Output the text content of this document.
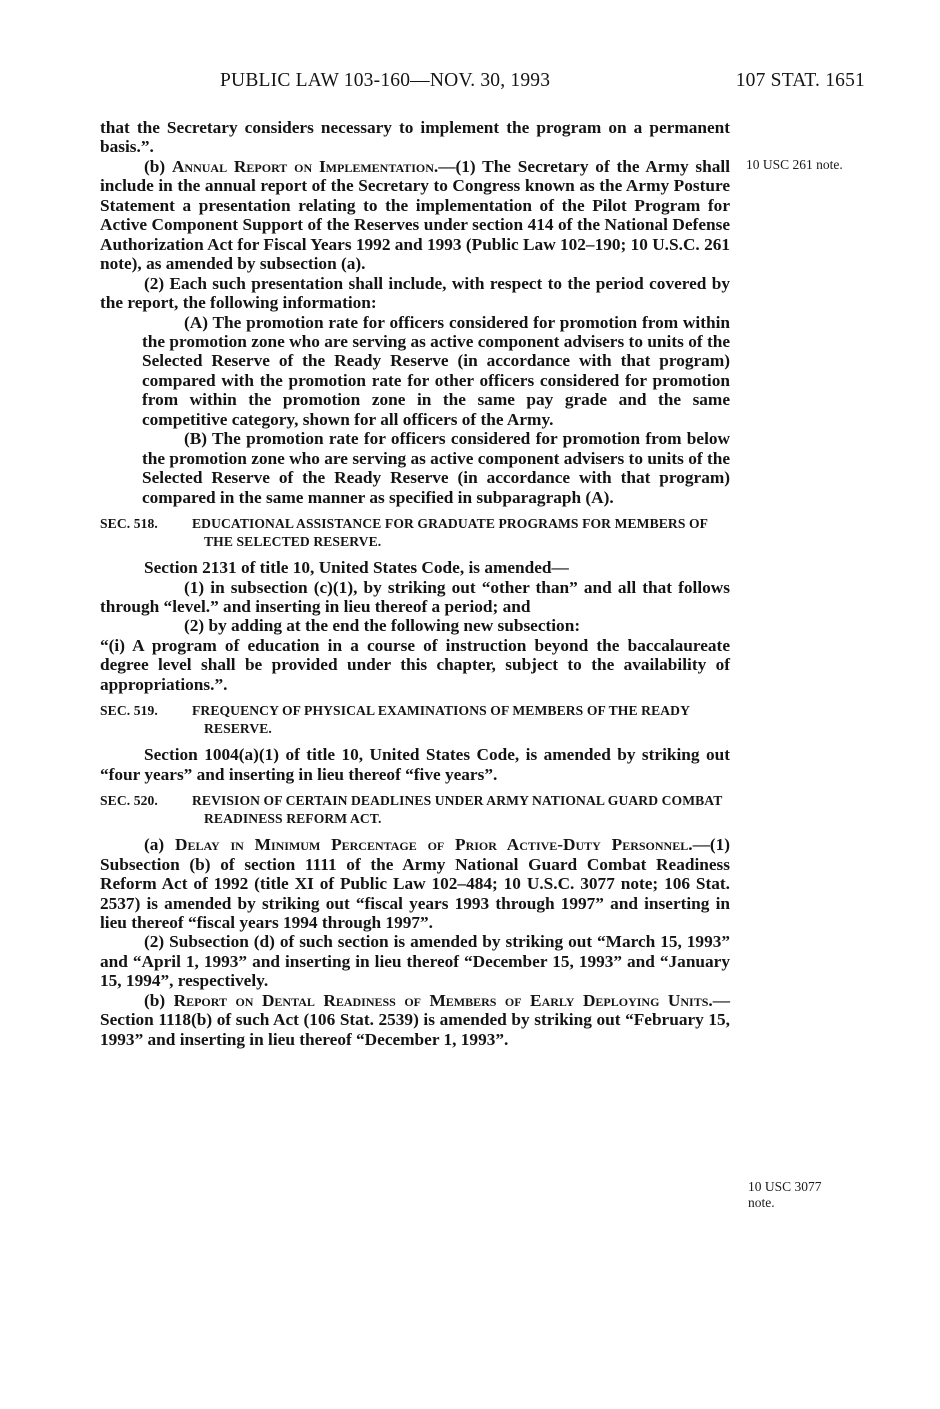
PUBLIC LAW 103-160—NOV. 30, 1993	107 STAT. 1651
10 USC 261 note.
10 USC 3077
note.

that the Secretary considers necessary to implement the program on a permanent basis.”.

(b) Annual Report on Implementation.—(1) The Secretary of the Army shall include in the annual report of the Secretary to Congress known as the Army Posture Statement a presentation relating to the implementation of the Pilot Program for Active Component Support of the Reserves under section 414 of the National Defense Authorization Act for Fiscal Years 1992 and 1993 (Public Law 102–190; 10 U.S.C. 261 note), as amended by subsection (a).

(2) Each such presentation shall include, with respect to the period covered by the report, the following information:

(A) The promotion rate for officers considered for promotion from within the promotion zone who are serving as active component advisers to units of the Selected Reserve of the Ready Reserve (in accordance with that program) compared with the promotion rate for other officers considered for promotion from within the promotion zone in the same pay grade and the same competitive category, shown for all officers of the Army.

(B) The promotion rate for officers considered for promotion from below the promotion zone who are serving as active component advisers to units of the Selected Reserve of the Ready Reserve (in accordance with that program) compared in the same manner as specified in subparagraph (A).

SEC. 518.	EDUCATIONAL ASSISTANCE FOR GRADUATE PROGRAMS FOR MEMBERS OF THE SELECTED RESERVE.

Section 2131 of title 10, United States Code, is amended—

(1) in subsection (c)(1), by striking out “other than” and all that follows through “level.” and inserting in lieu thereof a period; and

(2) by adding at the end the following new subsection:

“(i) A program of education in a course of instruction beyond the baccalaureate degree level shall be provided under this chapter, subject to the availability of appropriations.”.

SEC. 519.	FREQUENCY OF PHYSICAL EXAMINATIONS OF MEMBERS OF THE READY RESERVE.

Section 1004(a)(1) of title 10, United States Code, is amended by striking out “four years” and inserting in lieu thereof “five years”.

SEC. 520.	REVISION OF CERTAIN DEADLINES UNDER ARMY NATIONAL GUARD COMBAT READINESS REFORM ACT.

(a) Delay in Minimum Percentage of Prior Active-Duty Personnel.—(1) Subsection (b) of section 1111 of the Army National Guard Combat Readiness Reform Act of 1992 (title XI of Public Law 102–484; 10 U.S.C. 3077 note; 106 Stat. 2537) is amended by striking out “fiscal years 1993 through 1997” and inserting in lieu thereof “fiscal years 1994 through 1997”.

(2) Subsection (d) of such section is amended by striking out “March 15, 1993” and “April 1, 1993” and inserting in lieu thereof “December 15, 1993” and “January 15, 1994”, respectively.

(b) Report on Dental Readiness of Members of Early Deploying Units.—Section 1118(b) of such Act (106 Stat. 2539) is amended by striking out “February 15, 1993” and inserting in lieu thereof “December 1, 1993”.
